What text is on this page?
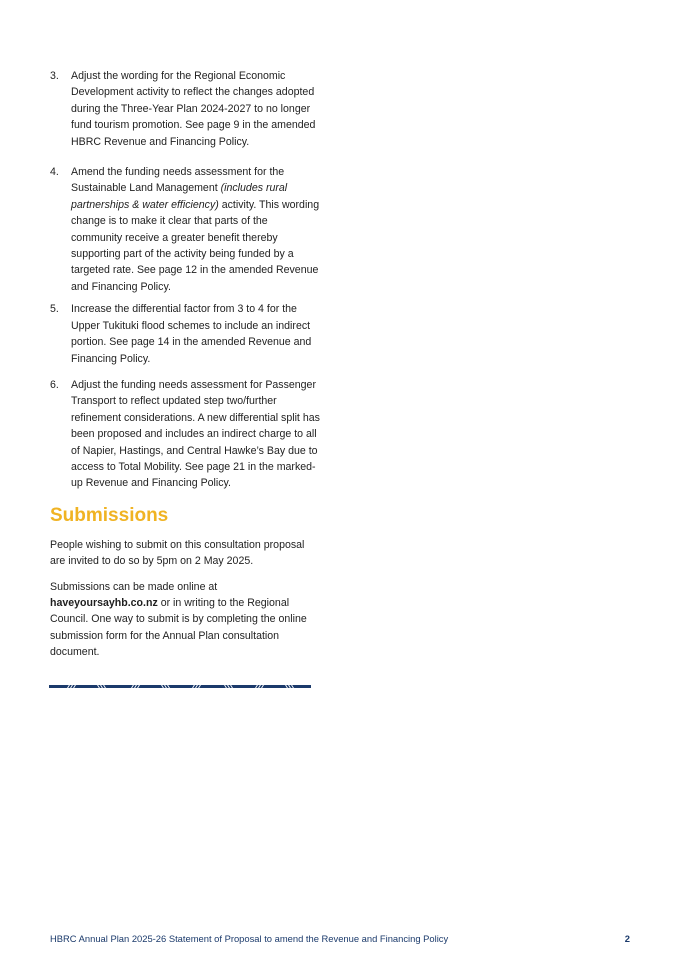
3.	Adjust the wording for the Regional Economic Development activity to reflect the changes adopted during the Three-Year Plan 2024-2027 to no longer fund tourism promotion. See page 9 in the amended HBRC Revenue and Financing Policy.
4.	Amend the funding needs assessment for the Sustainable Land Management (includes rural partnerships & water efficiency) activity. This wording change is to make it clear that parts of the community receive a greater benefit thereby supporting part of the activity being funded by a targeted rate. See page 12 in the amended Revenue and Financing Policy.
5.	Increase the differential factor from 3 to 4 for the Upper Tukituki flood schemes to include an indirect portion. See page 14 in the amended Revenue and Financing Policy.
6.	Adjust the funding needs assessment for Passenger Transport to reflect updated step two/further refinement considerations. A new differential split has been proposed and includes an indirect charge to all of Napier, Hastings, and Central Hawke’s Bay due to access to Total Mobility. See page 21 in the marked-up Revenue and Financing Policy.
Submissions

People wishing to submit on this consultation proposal are invited to do so by 5pm on 2 May 2025.

Submissions can be made online at haveyoursayhb.co.nz or in writing to the Regional Council. One way to submit is by completing the online submission form for the Annual Plan consultation document.

HBRC Annual Plan 2025-26 Statement of Proposal to amend the Revenue and Financing Policy	2
